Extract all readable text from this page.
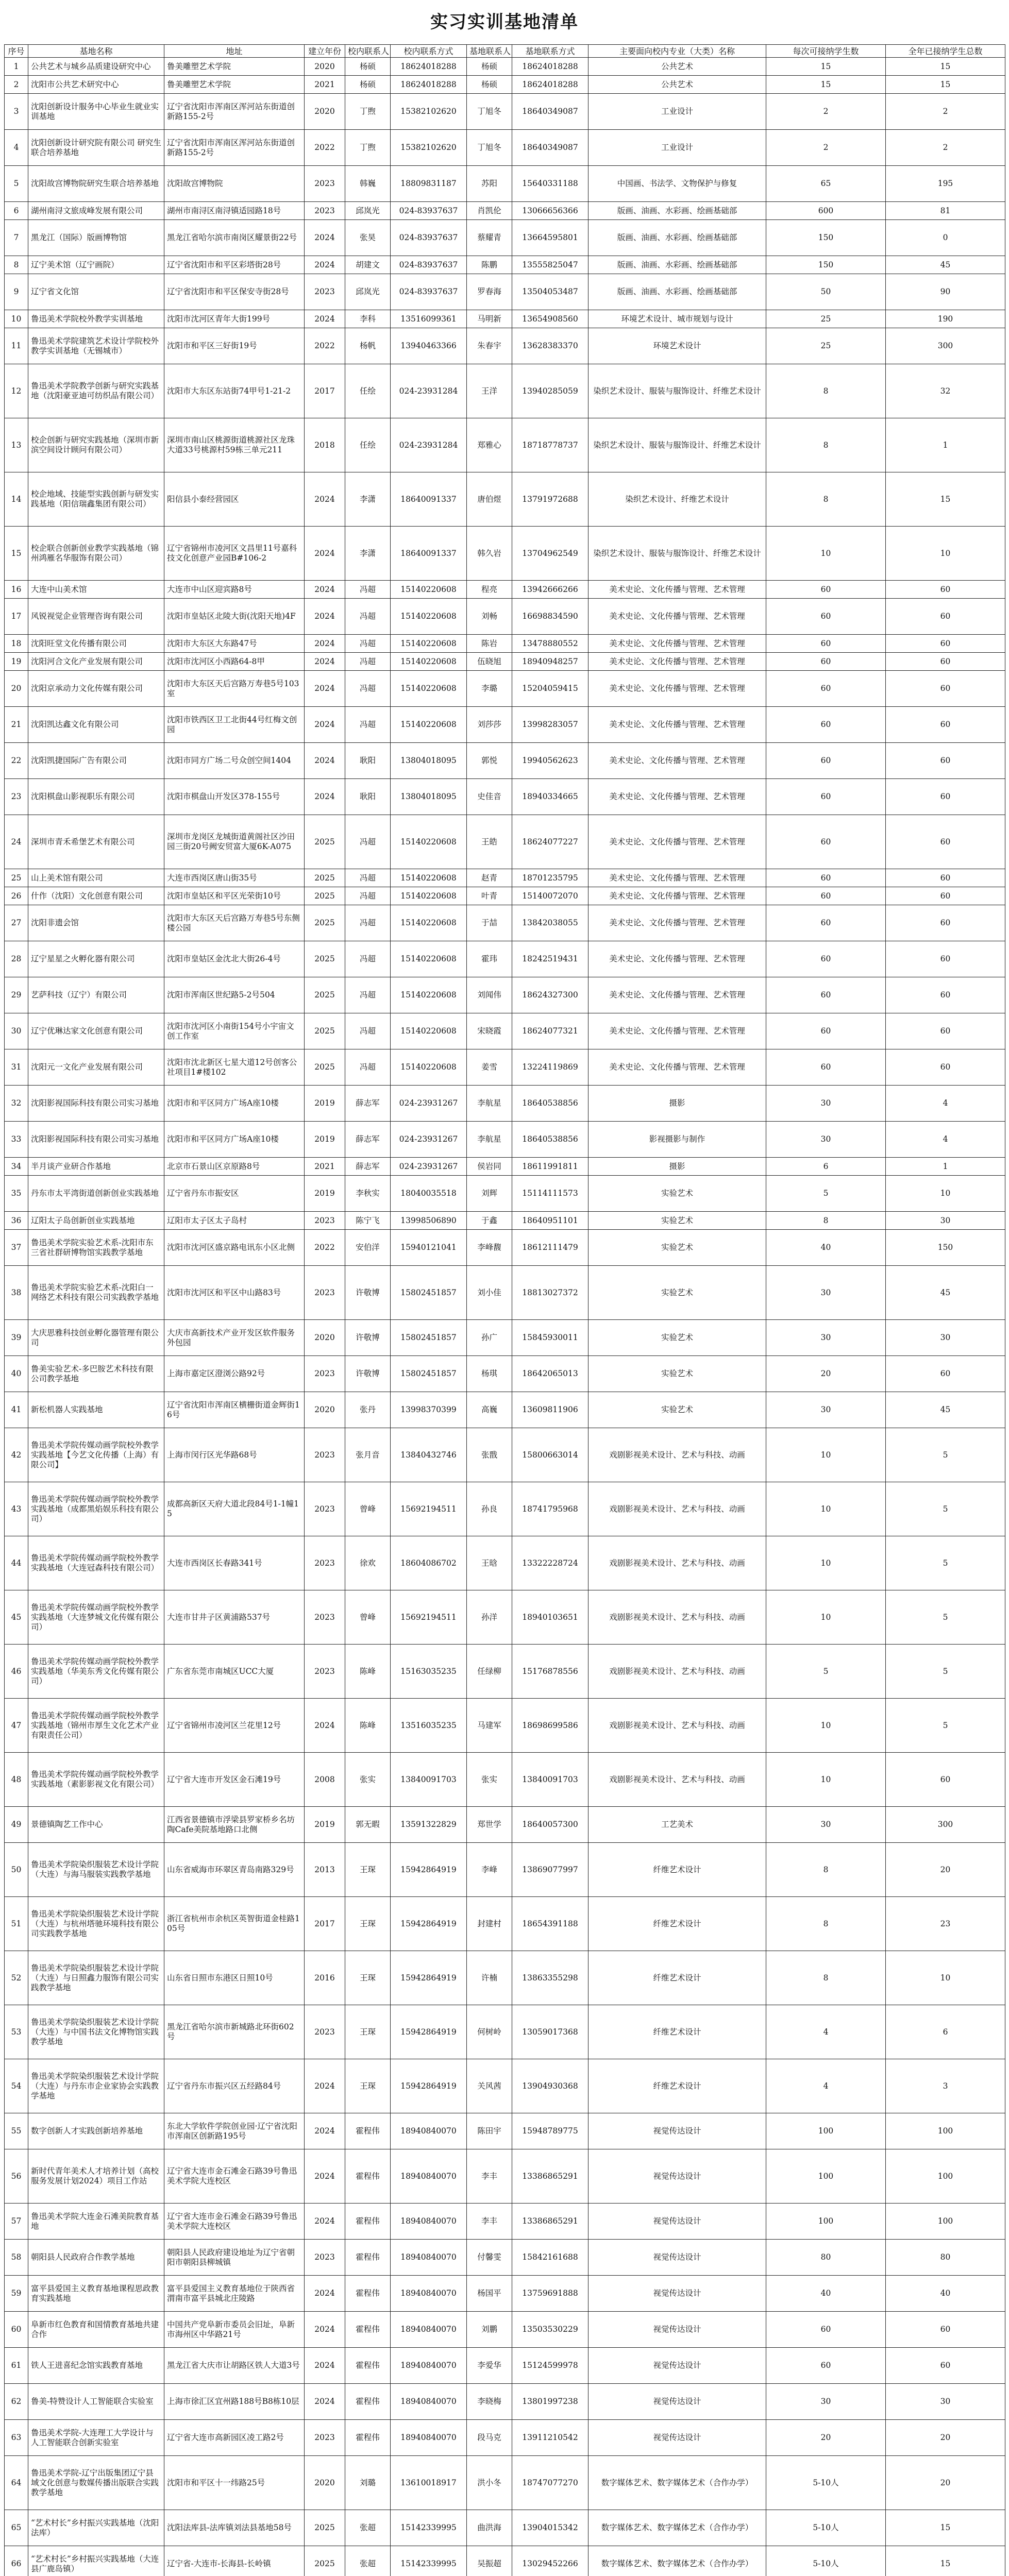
实习实训基地清单
序号	基地名称	地址	建立年份	校内联系人	校内联系方式	基地联系人	基地联系方式	主要面向校内专业（大类）名称	每次可接纳学生数	全年已接纳学生总数
1	公共艺术与城乡品质建设研究中心	鲁美雕塑艺术学院	2020	杨硕	18624018288	杨硕	18624018288	公共艺术	15	15
2	沈阳市公共艺术研究中心	鲁美雕塑艺术学院	2021	杨硕	18624018288	杨硕	18624018288	公共艺术	15	15
3	沈阳创新设计服务中心毕业生就业实训基地	辽宁省沈阳市浑南区浑河站东街道创新路155-2号	2020	丁煦	15382102620	丁旭冬	18640349087	工业设计	2	2
4	沈阳创新设计研究院有限公司 研究生联合培养基地	辽宁省沈阳市浑南区浑河站东街道创新路155-2号	2022	丁煦	15382102620	丁旭冬	18640349087	工业设计	2	2
5	沈阳故宫博物院研究生联合培养基地	沈阳故宫博物院	2023	韩巍	18809831187	苏阳	15640331188	中国画、书法学、文物保护与修复	65	195
6	湖州南浔文旅成峰发展有限公司	湖州市南浔区南浔镇适园路18号	2023	邱岚光	024-83937637	肖凯伦	13066656366	版画、油画、水彩画、绘画基础部	600	81
7	黑龙江（国际）版画博物馆	黑龙江省哈尔滨市南岗区耀景街22号	2024	张昊	024-83937637	蔡耀青	13664595801	版画、油画、水彩画、绘画基础部	150	0
8	辽宁美术馆（辽宁画院）	辽宁省沈阳市和平区彩塔街28号	2024	胡建文	024-83937637	陈鹏	13555825047	版画、油画、水彩画、绘画基础部	150	45
9	辽宁省文化馆	辽宁省沈阳市和平区保安寺街28号	2023	邱岚光	024-83937637	罗春海	13504053487	版画、油画、水彩画、绘画基础部	50	90
10	鲁迅美术学院校外教学实训基地	沈阳市沈河区青年大街199号	2024	李科	13516099361	马明新	13654908560	环境艺术设计、城市规划与设计	25	190
11	鲁迅美术学院建筑艺术设计学院校外教学实训基地（无锡城市）	沈阳市和平区三好街19号	2022	杨帆	13940463366	朱春宇	13628383370	环境艺术设计	25	300
12	鲁迅美术学院教学创新与研究实践基地（沈阳豪亚迪可纺织品有限公司）	沈阳市大东区东站街74甲号1-21-2	2017	任绘	024-23931284	王洋	13940285059	染织艺术设计、服装与服饰设计、纤维艺术设计	8	32
13	校企创新与研究实践基地（深圳市新滨空间设计顾问有限公司）	深圳市南山区桃源街道桃源社区龙珠大道33号桃源村59栋三单元211	2018	任绘	024-23931284	郑雅心	18718778737	染织艺术设计、服装与服饰设计、纤维艺术设计	8	1
14	校企地域、技能型实践创新与研发实践基地（阳信瑞鑫集团有限公司）	阳信县小泰经营园区	2024	李潇	18640091337	唐伯煜	13791972688	染织艺术设计、纤维艺术设计	8	15
15	校企联合创新创业教学实践基地（锦州鸿雁名华服饰有限公司）	辽宁省锦州市凌河区文昌里11号嘉科技文化创意产业园B#106-2	2024	李潇	18640091337	韩久岩	13704962549	染织艺术设计、服装与服饰设计、纤维艺术设计	10	10
16	大连中山美术馆	大连市中山区迎宾路8号	2024	冯超	15140220608	程亮	13942666266	美术史论、文化传播与管理、艺术管理	60	60
17	风锐视觉企业管理咨询有限公司	沈阳市皇姑区北陵大街(沈阳天地)4F	2024	冯超	15140220608	刘畅	16698834590	美术史论、文化传播与管理、艺术管理	60	60
18	沈阳旺堂文化传播有限公司	沈阳市大东区大东路47号	2024	冯超	15140220608	陈岩	13478880552	美术史论、文化传播与管理、艺术管理	60	60
19	沈阳河合文化产业发展有限公司	沈阳市沈河区小西路64-8甲	2024	冯超	15140220608	伍晓旭	18940948257	美术史论、文化传播与管理、艺术管理	60	60
20	沈阳京承动力文化传媒有限公司	沈阳市大东区天后宫路万寿巷5号103室	2024	冯超	15140220608	李璐	15204059415	美术史论、文化传播与管理、艺术管理	60	60
21	沈阳凯达鑫文化有限公司	沈阳市铁西区卫工北街44号红梅文创园	2024	冯超	15140220608	刘莎莎	13998283057	美术史论、文化传播与管理、艺术管理	60	60
22	沈阳凯捷国际广告有限公司	沈阳市同方广场二号众创空间1404	2024	耿阳	13804018095	郭悦	19940562623	美术史论、文化传播与管理、艺术管理	60	60
23	沈阳棋盘山影视职乐有限公司	沈阳市棋盘山开发区378-155号	2024	耿阳	13804018095	史佳音	18940334665	美术史论、文化传播与管理、艺术管理	60	60
24	深圳市青禾希堡艺术有限公司	深圳市龙岗区龙城街道黄阁社区沙田园三街20号阙安贸富大厦6K-A075	2025	冯超	15140220608	王皓	18624077227	美术史论、文化传播与管理、艺术管理	60	60
25	山上美术馆有限公司	大连市西岗区唐山街35号	2025	冯超	15140220608	赵青	18701235795	美术史论、文化传播与管理、艺术管理	60	60
26	什作（沈阳）文化创意有限公司	沈阳市皇姑区和平区光荣街10号	2025	冯超	15140220608	叶青	15140072070	美术史论、文化传播与管理、艺术管理	60	60
27	沈阳非遗会馆	沈阳市大东区天后宫路万寿巷5号东侧楼公园	2025	冯超	15140220608	于喆	13842038055	美术史论、文化传播与管理、艺术管理	60	60
28	辽宁星星之火孵化器有限公司	沈阳市皇姑区金沈北大街26-4号	2025	冯超	15140220608	霍玮	18242519431	美术史论、文化传播与管理、艺术管理	60	60
29	艺萨科技（辽宁）有限公司	沈阳市浑南区世纪路5-2号504	2025	冯超	15140220608	刘闻伟	18624327300	美术史论、文化传播与管理、艺术管理	60	60
30	辽宁优琳达家文化创意有限公司	沈阳市沈河区小南街154号小宇宙文创工作室	2025	冯超	15140220608	宋晓霞	18624077321	美术史论、文化传播与管理、艺术管理	60	60
31	沈阳元一文化产业发展有限公司	沈阳市沈北新区七星大道12号创客公社项目1#楼102	2025	冯超	15140220608	姜雪	13224119869	美术史论、文化传播与管理、艺术管理	60	60
32	沈阳影视国际科技有限公司实习基地	沈阳市和平区同方广场A座10楼	2019	薛志军	024-23931267	李航星	18640538856	摄影	30	4
33	沈阳影视国际科技有限公司实习基地	沈阳市和平区同方广场A座10楼	2019	薛志军	024-23931267	李航星	18640538856	影视摄影与制作	30	4
34	半月谈产业研合作基地	北京市石景山区京原路8号	2021	薛志军	024-23931267	侯岩同	18611991811	摄影	6	1
35	丹东市太平湾街道创新创业实践基地	辽宁省丹东市振安区	2019	李秋实	18040035518	刘辉	15114111573	实验艺术	5	10
36	辽阳太子岛创新创业实践基地	辽阳市太子区太子岛村	2023	陈宁飞	13998506890	于鑫	18640951101	实验艺术	8	30
37	鲁迅美术学院实验艺术系-沈阳市东三省社群研博物馆实践教学基地	沈阳市沈河区盛京路电讯东小区北侧	2022	安伯洋	15940121041	李峰馥	18612111479	实验艺术	40	150
38	鲁迅美术学院实验艺术系-沈阳白一网络艺术科技有限公司实践教学基地	沈阳市沈河区和平区中山路83号	2023	许敬博	15802451857	刘小佳	18813027372	实验艺术	30	45
39	大庆思雅科技创业孵化器管理有限公司	大庆市高新技术产业开发区软件服务外包园	2020	许敬博	15802451857	孙广	15845930011	实验艺术	30	30
40	鲁美实验艺术-多巴胺艺术科技有限公司教学基地	上海市嘉定区澄浏公路92号	2023	许敬博	15802451857	杨琪	18642065013	实验艺术	20	60
41	新松机器人实践基地	辽宁省沈阳市浑南区横栅街道金辉街16号	2020	张丹	13998370399	高巍	13609811906	实验艺术	30	45
42	鲁迅美术学院传媒动画学院校外教学实践基地【今艺文化传播（上海）有限公司】	上海市闵行区光华路68号	2023	张月音	13840432746	张戬	15800663014	戏剧影视美术设计、艺术与科技、动画	10	5
43	鲁迅美术学院传媒动画学院校外教学实践基地（成都黑焰娱乐科技有限公司）	成都高新区天府大道北段84号1-1幢15	2023	曾峰	15692194511	孙良	18741795968	戏剧影视美术设计、艺术与科技、动画	10	5
44	鲁迅美术学院传媒动画学院校外教学实践基地（大连冠森科技有限公司）	大连市西岗区长春路341号	2023	徐欢	18604086702	王晗	13322228724	戏剧影视美术设计、艺术与科技、动画	10	5
45	鲁迅美术学院传媒动画学院校外教学实践基地（大连梦城文化传媒有限公司）	大连市甘井子区黄浦路537号	2023	曾峰	15692194511	孙洋	18940103651	戏剧影视美术设计、艺术与科技、动画	10	5
46	鲁迅美术学院传媒动画学院校外教学实践基地（华美东秀文化传媒有限公司）	广东省东莞市南城区UCC大厦	2023	陈峰	15163035235	任绿柳	15176878556	戏剧影视美术设计、艺术与科技、动画	5	5
47	鲁迅美术学院传媒动画学院校外教学实践基地（锦州市厚生文化艺术产业有限责任公司）	辽宁省锦州市凌河区兰花里12号	2024	陈峰	13516035235	马建军	18698699586	戏剧影视美术设计、艺术与科技、动画	10	5
48	鲁迅美术学院传媒动画学院校外教学实践基地（素影影视文化有限公司）	辽宁省大连市开发区金石滩19号	2008	张实	13840091703	张实	13840091703	戏剧影视美术设计、艺术与科技、动画	10	60
49	景德镇陶艺工作中心	江西省景德镇市浮梁县罗家桥乡名坊陶Cafe美院基地路口北侧	2019	郭无暇	13591322829	郑世学	18640057300	工艺美术	30	300
50	鲁迅美术学院染织服装艺术设计学院（大连）与海马服装实践教学基地	山东省威海市环翠区青岛南路329号	2013	王琛	15942864919	李峰	13869077997	纤维艺术设计	8	20
51	鲁迅美术学院染织服装艺术设计学院（大连）与杭州塔驰环境科技有限公司实践教学基地	浙江省杭州市余杭区英智街道金桂路105号	2017	王琛	15942864919	封建村	18654391188	纤维艺术设计	8	23
52	鲁迅美术学院染织服装艺术设计学院（大连）与日照鑫力服饰有限公司实践教学基地	山东省日照市东港区日照10号	2016	王琛	15942864919	许楠	13863355298	纤维艺术设计	8	10
53	鲁迅美术学院染织服装艺术设计学院（大连）与中国书法文化博物馆实践教学基地	黑龙江省哈尔滨市新城路北环街602号	2023	王琛	15942864919	何树岭	13059017368	纤维艺术设计	4	6
54	鲁迅美术学院染织服装艺术设计学院（大连）与丹东市企业家协会实践教学基地	辽宁省丹东市振兴区五经路84号	2024	王琛	15942864919	关风茜	13904930368	纤维艺术设计	4	3
55	数字创新人才实践创新培养基地	东北大学软件学院创业园·辽宁省沈阳市浑南区创新路195号	2024	霍程伟	18940840070	陈田宇	15948789775	视觉传达设计	100	100
56	新时代青年美术人才培养计划（高校服务发展计划2024）项目工作站	辽宁省大连市金石滩金石路39号鲁迅美术学院大连校区	2024	霍程伟	18940840070	李丰	13386865291	视觉传达设计	100	100
57	鲁迅美术学院大连金石滩美院教育基地	辽宁省大连市金石滩金石路39号鲁迅美术学院大连校区	2024	霍程伟	18940840070	李丰	13386865291	视觉传达设计	100	100
58	朝阳县人民政府合作教学基地	朝阳县人民政府建设地址为辽宁省朝阳市朝阳县柳城镇	2023	霍程伟	18940840070	付馨雯	15842161688	视觉传达设计	80	80
59	富平县爱国主义教育基地课程思政教育实践基地	富平县爱国主义教育基地位于陕西省渭南市富平县城北庄陵路	2024	霍程伟	18940840070	杨国平	13759691888	视觉传达设计	40	40
60	阜新市红色教育和国情教育基地共建合作	中国共产党阜新市委员会旧址，阜新市海州区中华路21号	2024	霍程伟	18940840070	刘鹏	13503530229	视觉传达设计	60	60
61	铁人王进喜纪念馆实践教育基地	黑龙江省大庆市让胡路区铁人大道3号	2024	霍程伟	18940840070	李爱华	15124599978	视觉传达设计	60	60
62	鲁美-特赞设计人工智能联合实验室	上海市徐汇区宜州路188号B8栋10层	2024	霍程伟	18940840070	李晓梅	13801997238	视觉传达设计	30	30
63	鲁迅美术学院-大连理工大学设计与人工智能联合创新实验室	辽宁省大连市高新园区凌工路2号	2023	霍程伟	18940840070	段马克	13911210542	视觉传达设计	20	20
64	鲁迅美术学院-辽宁出版集团辽宁县域文化创意与数媒传播出版联合实践教学基地	沈阳市和平区十一纬路25号	2020	刘璐	13610018917	洪小冬	18747077270	数字媒体艺术、数字媒体艺术（合作办学）	5-10人	20
65	“艺术村长”乡村振兴实践基地（沈阳法库）	沈阳法库县-法库镇刘法县基地58号	2025	张超	15142339995	曲洪海	13904015342	数字媒体艺术、数字媒体艺术（合作办学）	5-10人	15
66	“艺术村长”乡村振兴实践基地（大连县广鹿岛镇）	辽宁省-大连市-长海县-长岭镇	2025	张超	15142339995	吴振超	13029452266	数字媒体艺术、数字媒体艺术（合作办学）	5-10人	15
